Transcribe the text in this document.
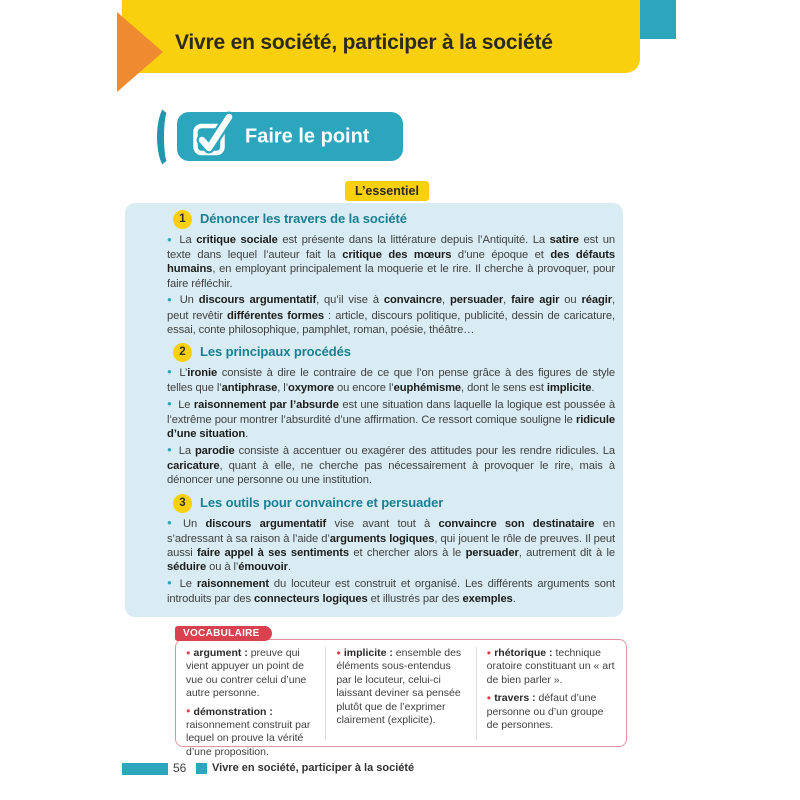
Vivre en société, participer à la société
Faire le point
L’essentiel
1	Dénoncer les travers de la société

● La critique sociale est présente dans la littérature depuis l’Antiquité. La satire est un texte dans lequel l’auteur fait la critique des mœurs d’une époque et des défauts humains, en employant principalement la moquerie et le rire. Il cherche à provoquer, pour faire réfléchir.

● Un discours argumentatif, qu’il vise à convaincre, persuader, faire agir ou réagir, peut revêtir différentes formes : article, discours politique, publicité, dessin de caricature, essai, conte philosophique, pamphlet, roman, poésie, théâtre…

2	Les principaux procédés

● L’ironie consiste à dire le contraire de ce que l’on pense grâce à des figures de style telles que l’antiphrase, l’oxymore ou encore l’euphémisme, dont le sens est implicite.

● Le raisonnement par l’absurde est une situation dans laquelle la logique est poussée à l’extrême pour montrer l’absurdité d’une affirmation. Ce ressort comique souligne le ridicule d’une situation.

● La parodie consiste à accentuer ou exagérer des attitudes pour les rendre ridicules. La caricature, quant à elle, ne cherche pas nécessairement à provoquer le rire, mais à dénoncer une personne ou une institution.

3	Les outils pour convaincre et persuader

● Un discours argumentatif vise avant tout à convaincre son destinataire en s’adressant à sa raison à l’aide d’arguments logiques, qui jouent le rôle de preuves. Il peut aussi faire appel à ses sentiments et chercher alors à le persuader, autrement dit à le séduire ou à l’émouvoir.

● Le raisonnement du locuteur est construit et organisé. Les différents arguments sont introduits par des connecteurs logiques et illustrés par des exemples.

VOCABULAIRE

● argument : preuve qui vient appuyer un point de vue ou contrer celui d’une autre personne.

● démonstration : raisonnement construit par lequel on prouve la vérité d’une proposition.

● implicite : ensemble des éléments sous-entendus par le locuteur, celui-ci laissant deviner sa pensée plutôt que de l’exprimer clairement (explicite).

● rhétorique : technique oratoire constituant un « art de bien parler ».

● travers : défaut d’une personne ou d’un groupe de personnes.

56 Vivre en société, participer à la société
